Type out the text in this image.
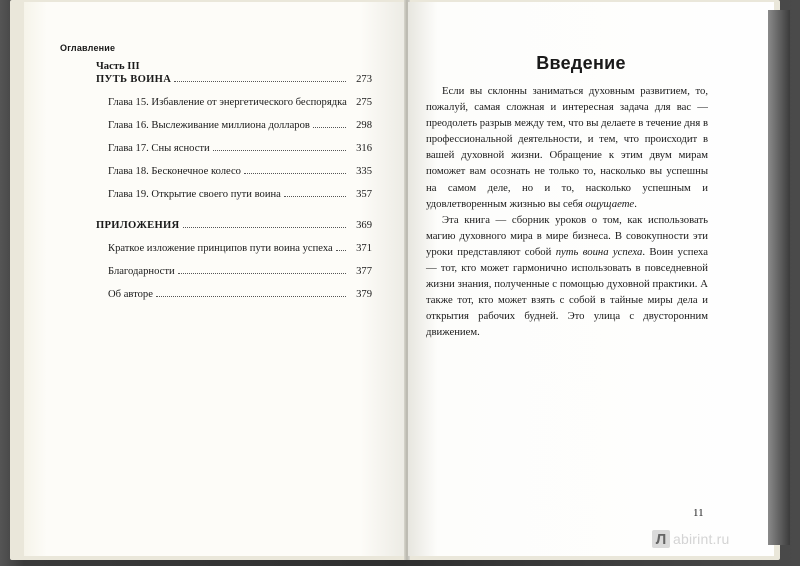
Оглавление
Часть III
ПУТЬ ВОИНА	273
Глава 15. Избавление от энергетического беспорядка 275
Глава 16. Выслеживание миллиона долларов	298
Глава 17. Сны ясности	316
Глава 18. Бесконечное колесо	335
Глава 19. Открытие своего пути воина	357
ПРИЛОЖЕНИЯ	369
Краткое изложение принципов пути воина успеха	371
Благодарности	377
Об авторе	379
Введение

Если вы склонны заниматься духовным развитием, то, пожалуй, самая сложная и интересная задача для вас — преодолеть разрыв между тем, что вы делаете в течение дня в профессиональной деятельности, и тем, что происходит в вашей духовной жизни. Обращение к этим двум мирам поможет вам осознать не только то, насколько вы успешны на самом деле, но и то, насколько успешным и удовлетворенным жизнью вы себя ощущаете.

Эта книга — сборник уроков о том, как использовать магию духовного мира в мире бизнеса. В совокупности эти уроки представляют собой путь воина успеха. Воин успеха — тот, кто может гармонично использовать в повседневной жизни знания, полученные с помощью духовной практики. А также тот, кто может взять с собой в тайные миры дела и открытия рабочих будней. Это улица с двусторонним движением.

11
Л abirint.ru
